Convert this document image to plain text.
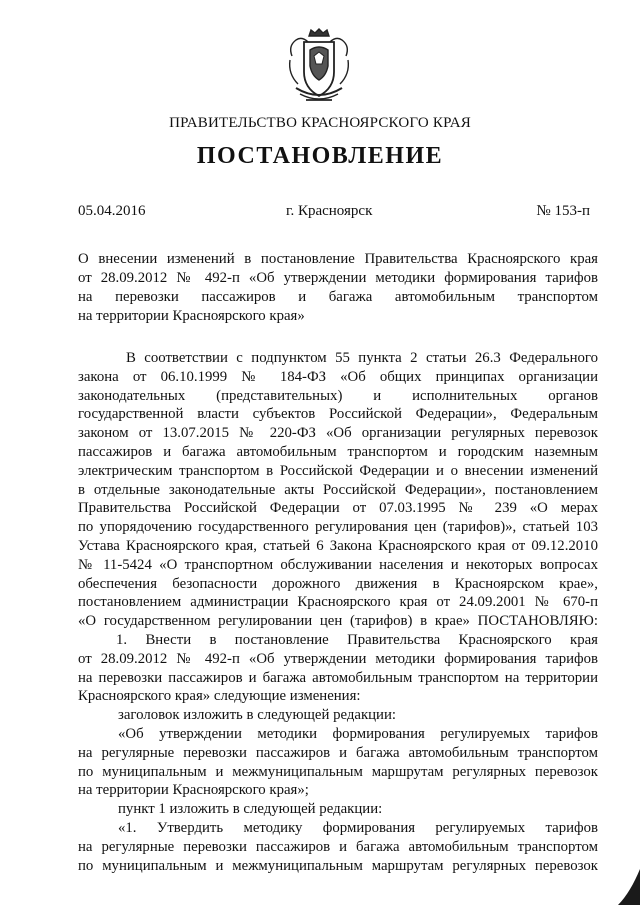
ПРАВИТЕЛЬСТВО КРАСНОЯРСКОГО КРАЯ
ПОСТАНОВЛЕНИЕ
05.04.2016	г. Красноярск	№ 153-п
О внесении изменений в постановление Правительства Красноярского края
от 28.09.2012 № 492-п «Об утверждении методики формирования тарифов
на перевозки пассажиров и багажа автомобильным транспортом
на территории Красноярского края»
В соответствии с подпунктом 55 пункта 2 статьи 26.3 Федерального
закона от 06.10.1999 № 184-ФЗ «Об общих принципах организации
законодательных (представительных) и исполнительных органов
государственной власти субъектов Российской Федерации», Федеральным
законом от 13.07.2015 № 220-ФЗ «Об организации регулярных перевозок
пассажиров и багажа автомобильным транспортом и городским наземным
электрическим транспортом в Российской Федерации и о внесении изменений
в отдельные законодательные акты Российской Федерации», постановлением
Правительства Российской Федерации от 07.03.1995 № 239 «О мерах
по упорядочению государственного регулирования цен (тарифов)», статьей 103
Устава Красноярского края, статьей 6 Закона Красноярского края от 09.12.2010
№ 11-5424 «О транспортном обслуживании населения и некоторых вопросах
обеспечения безопасности дорожного движения в Красноярском крае»,
постановлением администрации Красноярского края от 24.09.2001 № 670-п
«О государственном регулировании цен (тарифов) в крае» ПОСТАНОВЛЯЮ:
1. Внести в постановление Правительства Красноярского края
от 28.09.2012 № 492-п «Об утверждении методики формирования тарифов
на перевозки пассажиров и багажа автомобильным транспортом на территории
Красноярского края» следующие изменения:
заголовок изложить в следующей редакции:
«Об утверждении методики формирования регулируемых тарифов
на регулярные перевозки пассажиров и багажа автомобильным транспортом
по муниципальным и межмуниципальным маршрутам регулярных перевозок
на территории Красноярского края»;
пункт 1 изложить в следующей редакции:
«1. Утвердить методику формирования регулируемых тарифов
на регулярные перевозки пассажиров и багажа автомобильным транспортом
по муниципальным и межмуниципальным маршрутам регулярных перевозок
